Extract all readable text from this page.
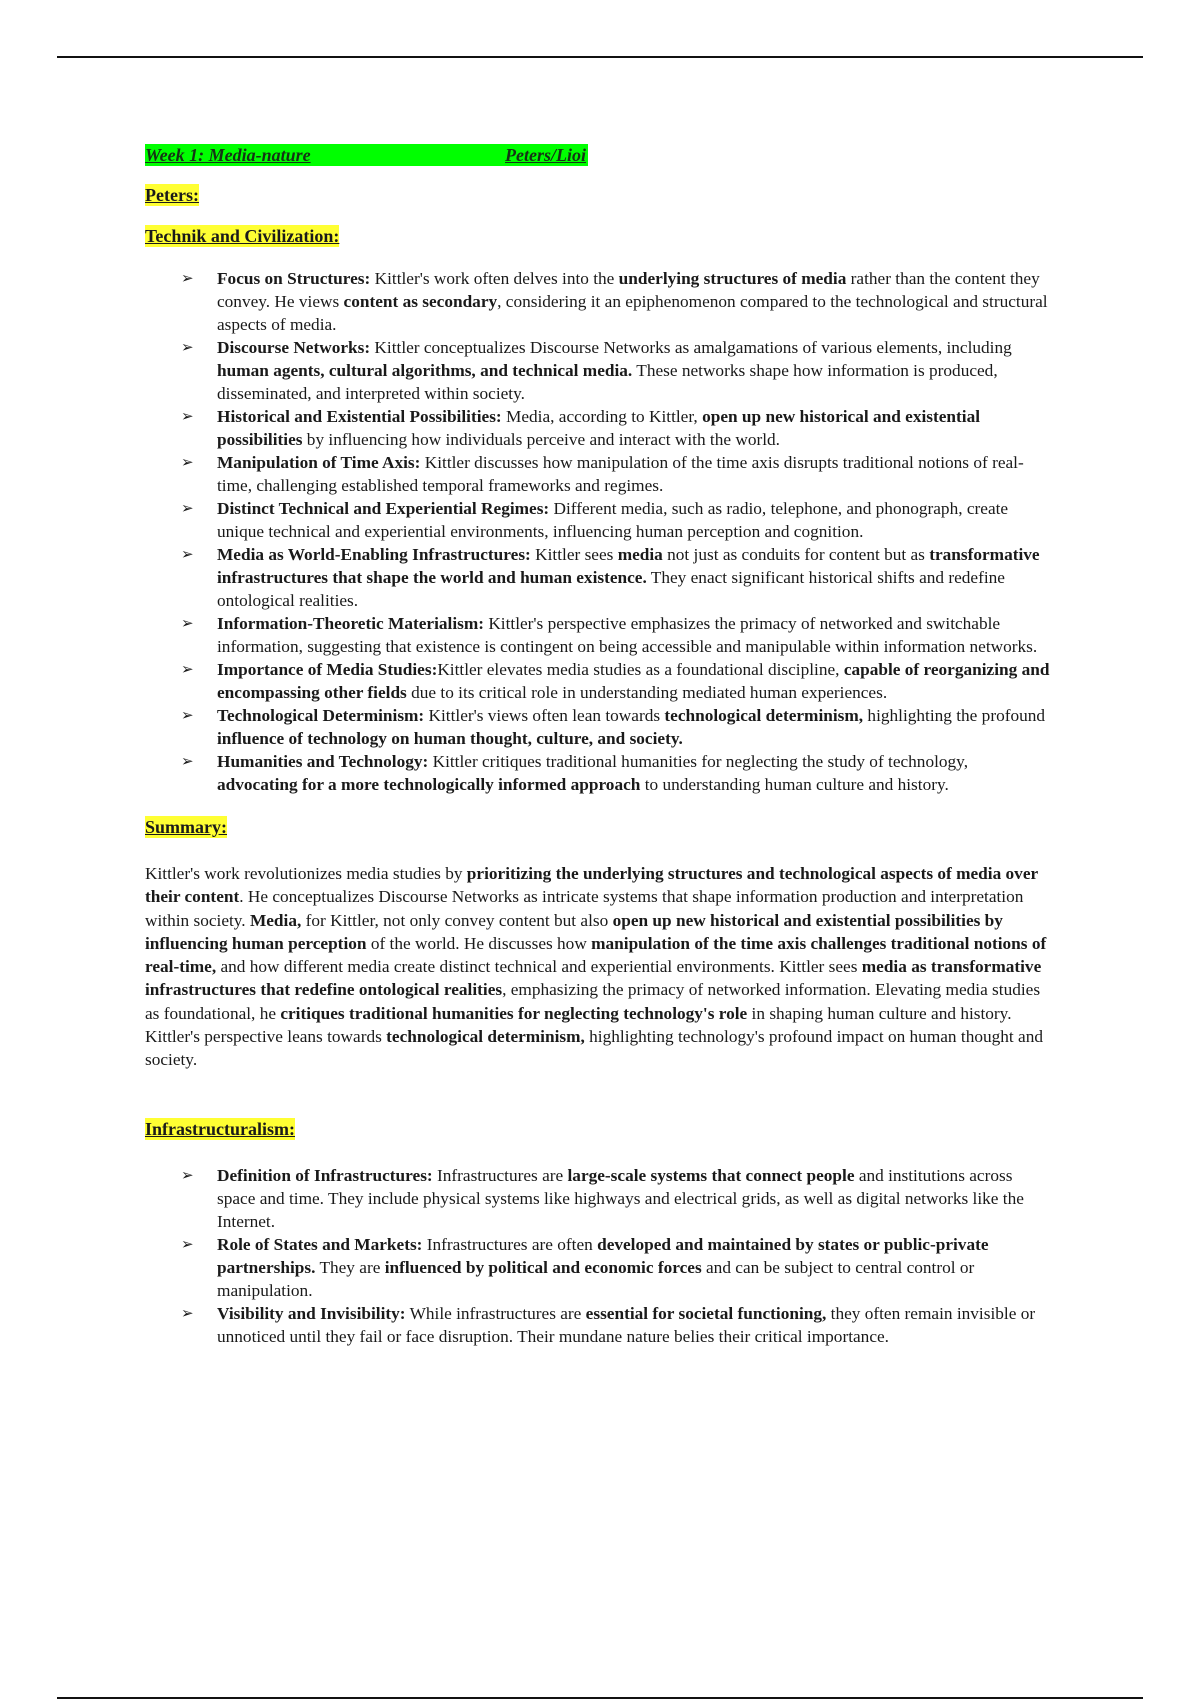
Week 1: Media-nature	Peters/Lioi
Peters:
Technik and Civilization:
➢ Focus on Structures: Kittler's work often delves into the underlying structures of media rather than the content they convey. He views content as secondary, considering it an epiphenomenon compared to the technological and structural aspects of media.
➢ Discourse Networks: Kittler conceptualizes Discourse Networks as amalgamations of various elements, including human agents, cultural algorithms, and technical media. These networks shape how information is produced, disseminated, and interpreted within society.
➢ Historical and Existential Possibilities: Media, according to Kittler, open up new historical and existential possibilities by influencing how individuals perceive and interact with the world.
➢ Manipulation of Time Axis: Kittler discusses how manipulation of the time axis disrupts traditional notions of real-time, challenging established temporal frameworks and regimes.
➢ Distinct Technical and Experiential Regimes: Different media, such as radio, telephone, and phonograph, create unique technical and experiential environments, influencing human perception and cognition.
➢ Media as World-Enabling Infrastructures: Kittler sees media not just as conduits for content but as transformative infrastructures that shape the world and human existence. They enact significant historical shifts and redefine ontological realities.
➢ Information-Theoretic Materialism: Kittler's perspective emphasizes the primacy of networked and switchable information, suggesting that existence is contingent on being accessible and manipulable within information networks.
➢ Importance of Media Studies:Kittler elevates media studies as a foundational discipline, capable of reorganizing and encompassing other fields due to its critical role in understanding mediated human experiences.
➢ Technological Determinism: Kittler's views often lean towards technological determinism, highlighting the profound influence of technology on human thought, culture, and society.
➢ Humanities and Technology: Kittler critiques traditional humanities for neglecting the study of technology, advocating for a more technologically informed approach to understanding human culture and history.
Summary:

Kittler's work revolutionizes media studies by prioritizing the underlying structures and technological aspects of media over their content. He conceptualizes Discourse Networks as intricate systems that shape information production and interpretation within society. Media, for Kittler, not only convey content but also open up new historical and existential possibilities by influencing human perception of the world. He discusses how manipulation of the time axis challenges traditional notions of real-time, and how different media create distinct technical and experiential environments. Kittler sees media as transformative infrastructures that redefine ontological realities, emphasizing the primacy of networked information. Elevating media studies as foundational, he critiques traditional humanities for neglecting technology's role in shaping human culture and history. Kittler's perspective leans towards technological determinism, highlighting technology's profound impact on human thought and society.

Infrastructuralism:
➢ Definition of Infrastructures: Infrastructures are large-scale systems that connect people and institutions across space and time. They include physical systems like highways and electrical grids, as well as digital networks like the Internet.
➢ Role of States and Markets: Infrastructures are often developed and maintained by states or public-private partnerships. They are influenced by political and economic forces and can be subject to central control or manipulation.
➢ Visibility and Invisibility: While infrastructures are essential for societal functioning, they often remain invisible or unnoticed until they fail or face disruption. Their mundane nature belies their critical importance.
